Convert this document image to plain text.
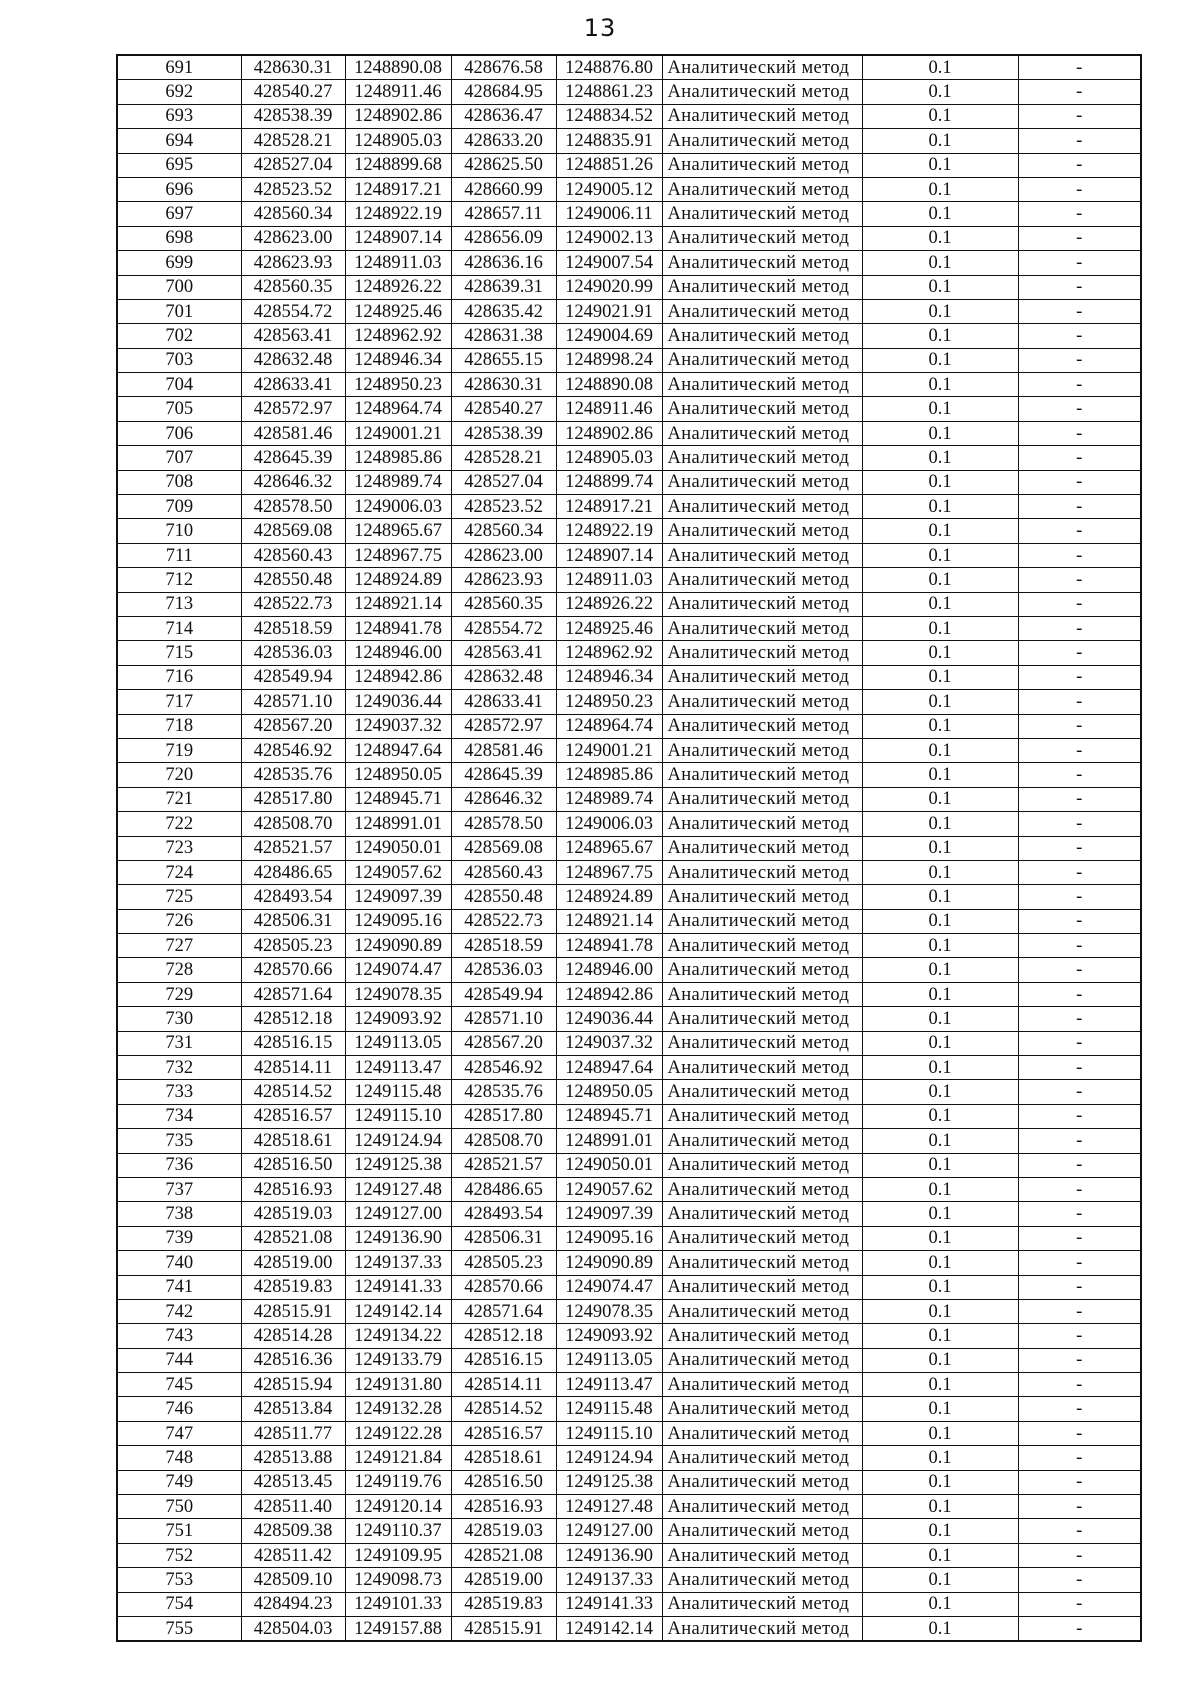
13
691	428630.31	1248890.08	428676.58	1248876.80	Аналитический метод	0.1	-
692	428540.27	1248911.46	428684.95	1248861.23	Аналитический метод	0.1	-
693	428538.39	1248902.86	428636.47	1248834.52	Аналитический метод	0.1	-
694	428528.21	1248905.03	428633.20	1248835.91	Аналитический метод	0.1	-
695	428527.04	1248899.68	428625.50	1248851.26	Аналитический метод	0.1	-
696	428523.52	1248917.21	428660.99	1249005.12	Аналитический метод	0.1	-
697	428560.34	1248922.19	428657.11	1249006.11	Аналитический метод	0.1	-
698	428623.00	1248907.14	428656.09	1249002.13	Аналитический метод	0.1	-
699	428623.93	1248911.03	428636.16	1249007.54	Аналитический метод	0.1	-
700	428560.35	1248926.22	428639.31	1249020.99	Аналитический метод	0.1	-
701	428554.72	1248925.46	428635.42	1249021.91	Аналитический метод	0.1	-
702	428563.41	1248962.92	428631.38	1249004.69	Аналитический метод	0.1	-
703	428632.48	1248946.34	428655.15	1248998.24	Аналитический метод	0.1	-
704	428633.41	1248950.23	428630.31	1248890.08	Аналитический метод	0.1	-
705	428572.97	1248964.74	428540.27	1248911.46	Аналитический метод	0.1	-
706	428581.46	1249001.21	428538.39	1248902.86	Аналитический метод	0.1	-
707	428645.39	1248985.86	428528.21	1248905.03	Аналитический метод	0.1	-
708	428646.32	1248989.74	428527.04	1248899.74	Аналитический метод	0.1	-
709	428578.50	1249006.03	428523.52	1248917.21	Аналитический метод	0.1	-
710	428569.08	1248965.67	428560.34	1248922.19	Аналитический метод	0.1	-
711	428560.43	1248967.75	428623.00	1248907.14	Аналитический метод	0.1	-
712	428550.48	1248924.89	428623.93	1248911.03	Аналитический метод	0.1	-
713	428522.73	1248921.14	428560.35	1248926.22	Аналитический метод	0.1	-
714	428518.59	1248941.78	428554.72	1248925.46	Аналитический метод	0.1	-
715	428536.03	1248946.00	428563.41	1248962.92	Аналитический метод	0.1	-
716	428549.94	1248942.86	428632.48	1248946.34	Аналитический метод	0.1	-
717	428571.10	1249036.44	428633.41	1248950.23	Аналитический метод	0.1	-
718	428567.20	1249037.32	428572.97	1248964.74	Аналитический метод	0.1	-
719	428546.92	1248947.64	428581.46	1249001.21	Аналитический метод	0.1	-
720	428535.76	1248950.05	428645.39	1248985.86	Аналитический метод	0.1	-
721	428517.80	1248945.71	428646.32	1248989.74	Аналитический метод	0.1	-
722	428508.70	1248991.01	428578.50	1249006.03	Аналитический метод	0.1	-
723	428521.57	1249050.01	428569.08	1248965.67	Аналитический метод	0.1	-
724	428486.65	1249057.62	428560.43	1248967.75	Аналитический метод	0.1	-
725	428493.54	1249097.39	428550.48	1248924.89	Аналитический метод	0.1	-
726	428506.31	1249095.16	428522.73	1248921.14	Аналитический метод	0.1	-
727	428505.23	1249090.89	428518.59	1248941.78	Аналитический метод	0.1	-
728	428570.66	1249074.47	428536.03	1248946.00	Аналитический метод	0.1	-
729	428571.64	1249078.35	428549.94	1248942.86	Аналитический метод	0.1	-
730	428512.18	1249093.92	428571.10	1249036.44	Аналитический метод	0.1	-
731	428516.15	1249113.05	428567.20	1249037.32	Аналитический метод	0.1	-
732	428514.11	1249113.47	428546.92	1248947.64	Аналитический метод	0.1	-
733	428514.52	1249115.48	428535.76	1248950.05	Аналитический метод	0.1	-
734	428516.57	1249115.10	428517.80	1248945.71	Аналитический метод	0.1	-
735	428518.61	1249124.94	428508.70	1248991.01	Аналитический метод	0.1	-
736	428516.50	1249125.38	428521.57	1249050.01	Аналитический метод	0.1	-
737	428516.93	1249127.48	428486.65	1249057.62	Аналитический метод	0.1	-
738	428519.03	1249127.00	428493.54	1249097.39	Аналитический метод	0.1	-
739	428521.08	1249136.90	428506.31	1249095.16	Аналитический метод	0.1	-
740	428519.00	1249137.33	428505.23	1249090.89	Аналитический метод	0.1	-
741	428519.83	1249141.33	428570.66	1249074.47	Аналитический метод	0.1	-
742	428515.91	1249142.14	428571.64	1249078.35	Аналитический метод	0.1	-
743	428514.28	1249134.22	428512.18	1249093.92	Аналитический метод	0.1	-
744	428516.36	1249133.79	428516.15	1249113.05	Аналитический метод	0.1	-
745	428515.94	1249131.80	428514.11	1249113.47	Аналитический метод	0.1	-
746	428513.84	1249132.28	428514.52	1249115.48	Аналитический метод	0.1	-
747	428511.77	1249122.28	428516.57	1249115.10	Аналитический метод	0.1	-
748	428513.88	1249121.84	428518.61	1249124.94	Аналитический метод	0.1	-
749	428513.45	1249119.76	428516.50	1249125.38	Аналитический метод	0.1	-
750	428511.40	1249120.14	428516.93	1249127.48	Аналитический метод	0.1	-
751	428509.38	1249110.37	428519.03	1249127.00	Аналитический метод	0.1	-
752	428511.42	1249109.95	428521.08	1249136.90	Аналитический метод	0.1	-
753	428509.10	1249098.73	428519.00	1249137.33	Аналитический метод	0.1	-
754	428494.23	1249101.33	428519.83	1249141.33	Аналитический метод	0.1	-
755	428504.03	1249157.88	428515.91	1249142.14	Аналитический метод	0.1	-
